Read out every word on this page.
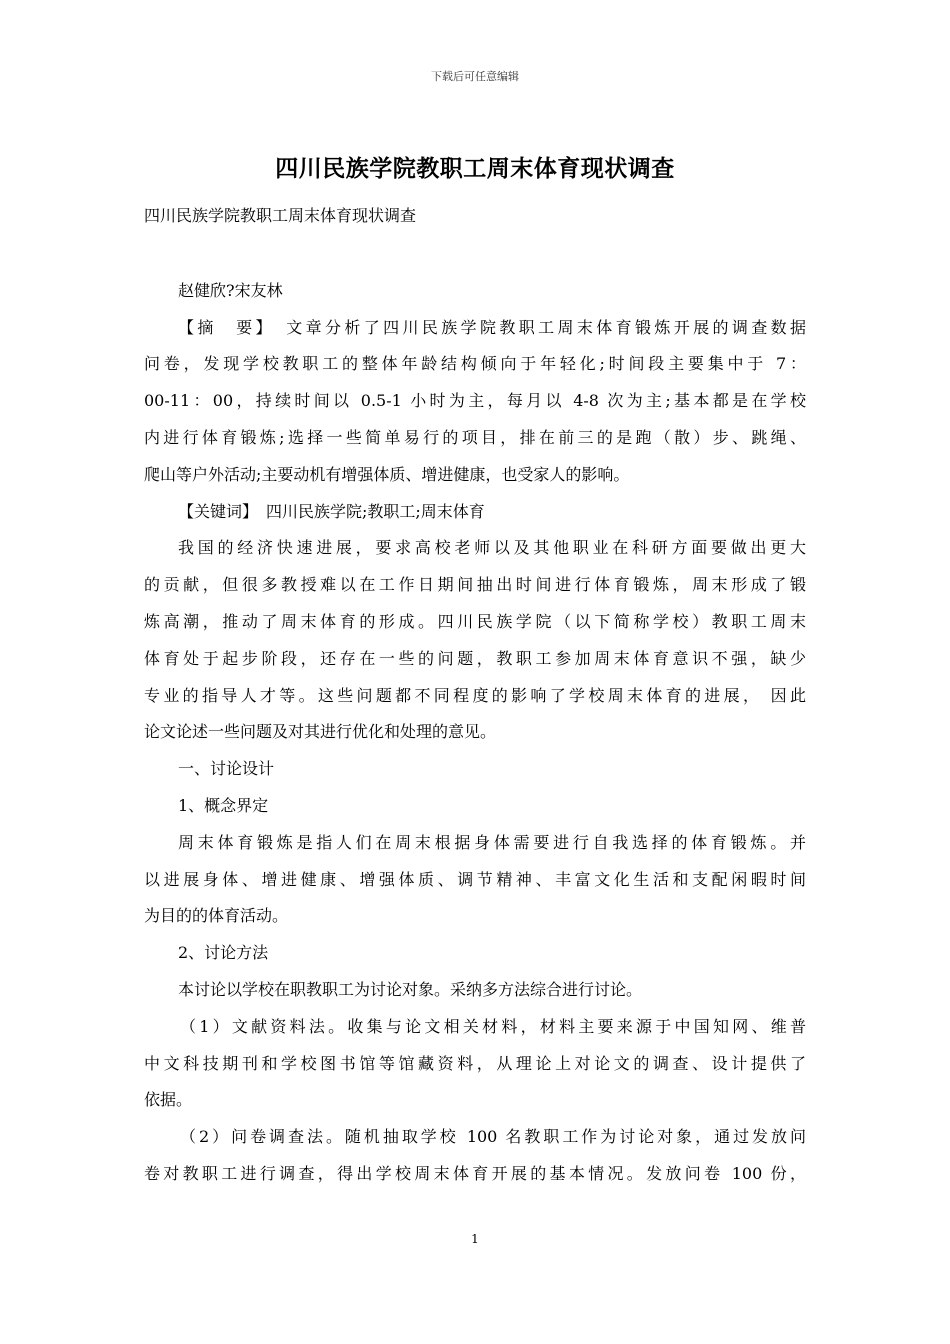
下载后可任意编辑
四川民族学院教职工周末体育现状调查
四川民族学院教职工周末体育现状调查
赵健欣?宋友林
【摘　要】　文章分析了四川民族学院教职工周末体育锻炼开展的调查数据
问卷，发现学校教职工的整体年龄结构倾向于年轻化;时间段主要集中于 7：
00-11：00，持续时间以 0.5-1 小时为主，每月以 4-8 次为主;基本都是在学校
内进行体育锻炼;选择一些简单易行的项目，排在前三的是跑（散）步、跳绳、
爬山等户外活动;主要动机有增强体质、增进健康，也受家人的影响。
【关键词】　四川民族学院;教职工;周末体育
我国的经济快速进展，要求高校老师以及其他职业在科研方面要做出更大
的贡献，但很多教授难以在工作日期间抽出时间进行体育锻炼，周末形成了锻
炼高潮，推动了周末体育的形成。四川民族学院（以下简称学校）教职工周末
体育处于起步阶段，还存在一些的问题，教职工参加周末体育意识不强，缺少
专业的指导人才等。这些问题都不同程度的影响了学校周末体育的进展， 因此
论文论述一些问题及对其进行优化和处理的意见。
一、讨论设计
1、概念界定
周末体育锻炼是指人们在周末根据身体需要进行自我选择的体育锻炼。并
以进展身体、增进健康、增强体质、调节精神、丰富文化生活和支配闲暇时间
为目的的体育活动。
2、讨论方法
本讨论以学校在职教职工为讨论对象。采纳多方法综合进行讨论。
（1）文献资料法。收集与论文相关材料，材料主要来源于中国知网、维普
中文科技期刊和学校图书馆等馆藏资料，从理论上对论文的调查、设计提供了
依据。
（2）问卷调查法。随机抽取学校 100 名教职工作为讨论对象，通过发放问
卷对教职工进行调查，得出学校周末体育开展的基本情况。发放问卷 100 份，
1
